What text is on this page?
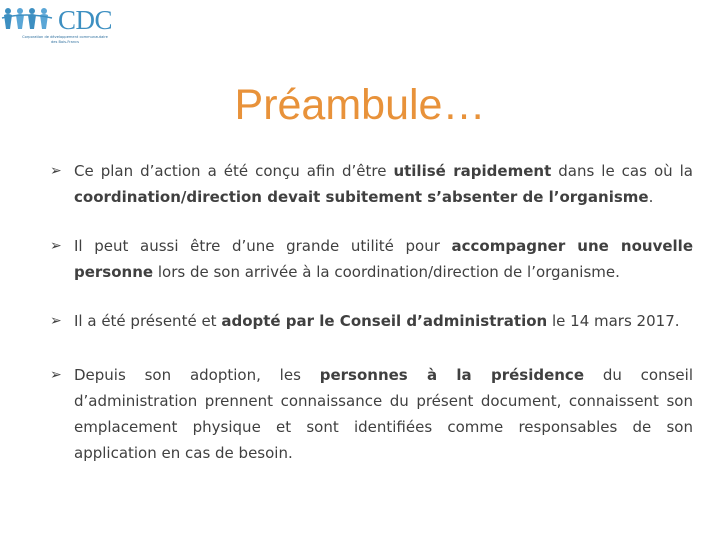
CDC
Corporation de développement communautaire
des Bois-Francs
Préambule…
➢ Ce plan d’action a été conçu afin d’être utilisé rapidement dans le cas où la coordination/direction devait subitement s’absenter de l’organisme.
➢ Il peut aussi être d’une grande utilité pour accompagner une nouvelle personne lors de son arrivée à la coordination/direction de l’organisme.
➢ Il a été présenté et adopté par le Conseil d’administration le 14 mars 2017.
➢ Depuis son adoption, les personnes à la présidence du conseil d’administration prennent connaissance du présent document, connaissent son emplacement physique et sont identifiées comme responsables de son application en cas de besoin.
